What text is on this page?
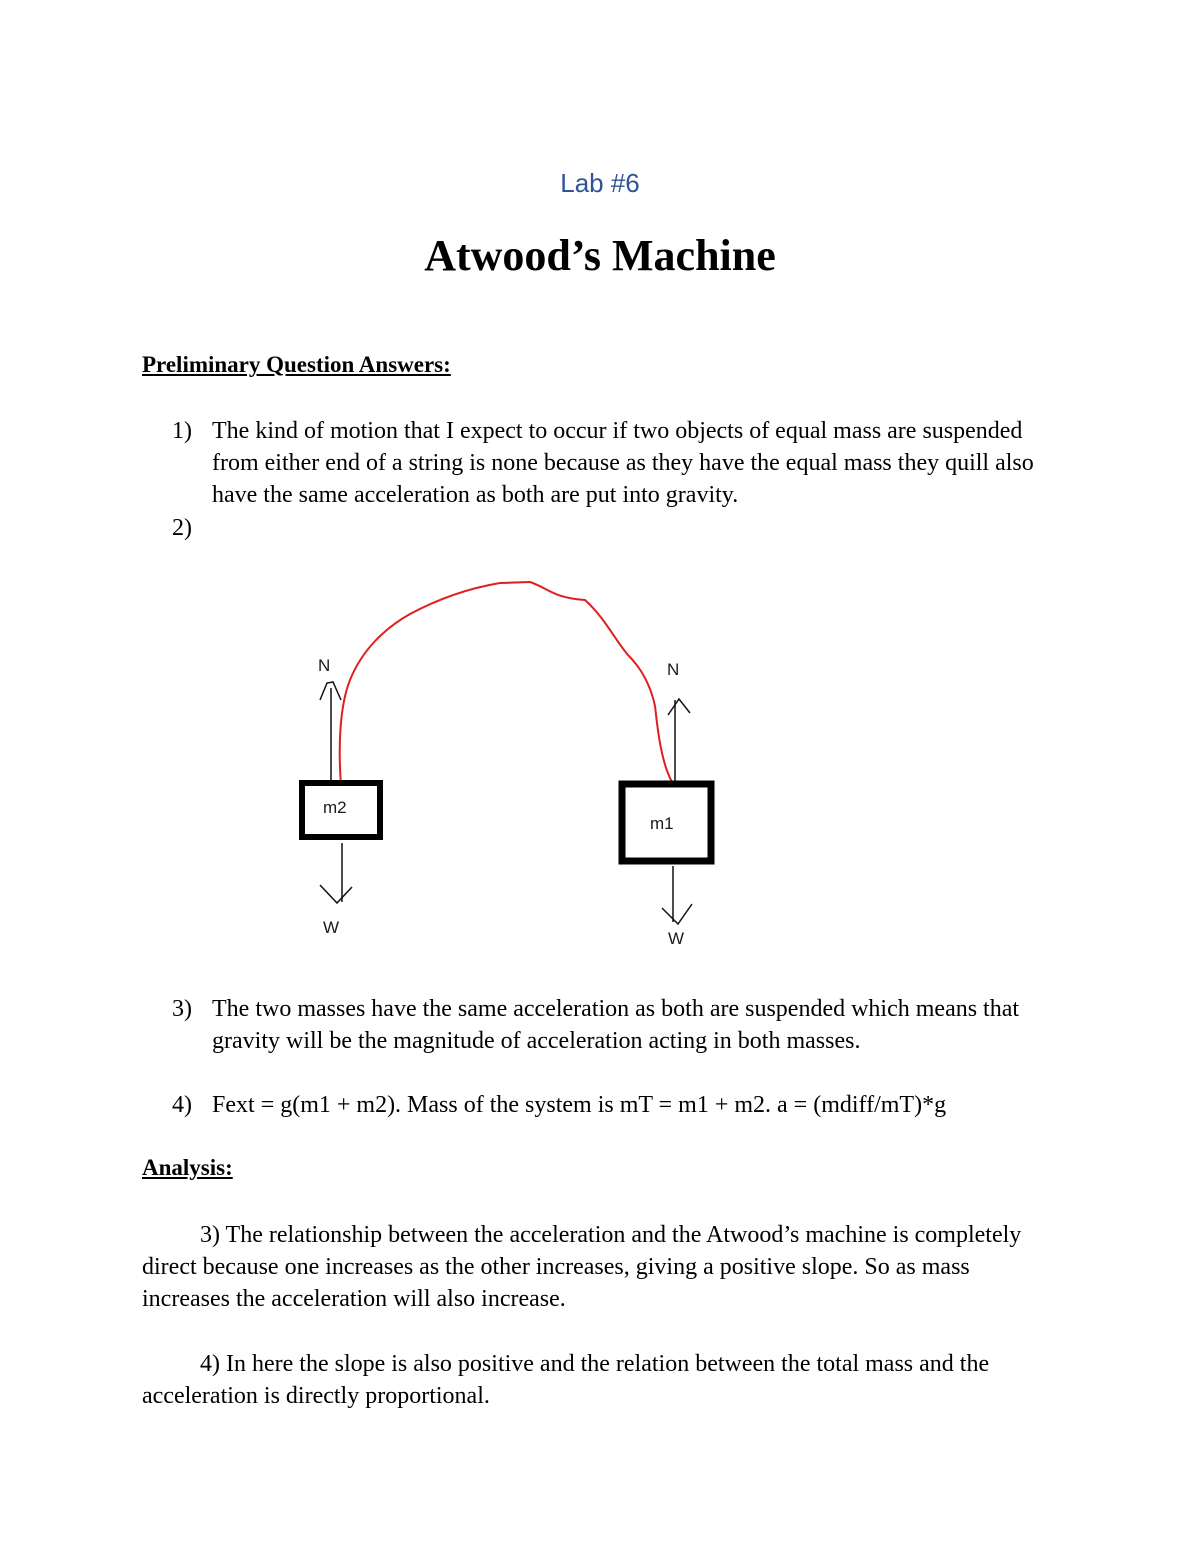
Lab #6
Atwood’s Machine
Preliminary Question Answers:
1) The kind of motion that I expect to occur if two objects of equal mass are suspended from either end of a string is none because as they have the equal mass they quill also have the same acceleration as both are put into gravity.
2)
N
m2
W
N
m1
W
3) The two masses have the same acceleration as both are suspended which means that gravity will be the magnitude of acceleration acting in both masses.
4) Fext = g(m1 + m2). Mass of the system is mT = m1 + m2. a = (mdiff/mT)*g
Analysis:

3) The relationship between the acceleration and the Atwood’s machine is completely direct because one increases as the other increases, giving a positive slope. So as mass increases the acceleration will also increase.

4) In here the slope is also positive and the relation between the total mass and the acceleration is directly proportional.
